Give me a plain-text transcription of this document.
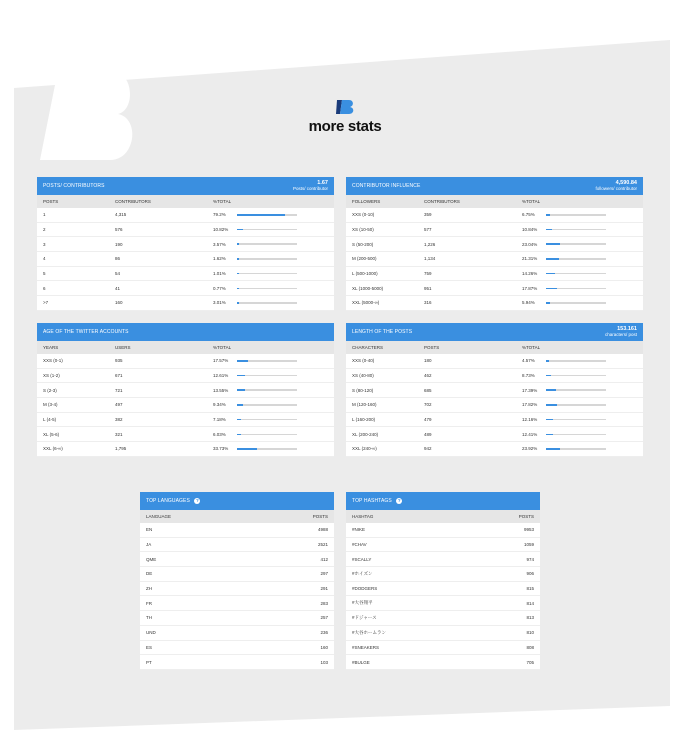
more stats
POSTS/ CONTRIBUTORS	1.67
Posts/ contributor
POSTS	CONTRIBUTORS	%TOTAL
1	4,315	79.2%
2	576	10.82%
3	190	3.57%
4	86	1.62%
5	54	1.01%
6	41	0.77%
>7	160	3.01%
CONTRIBUTOR INFLUENCE	4,590.84
followers/ contributor
FOLLOWERS	CONTRIBUTORS	%TOTAL
XXS (0-10)	359	6.75%
XS (10-50)	577	10.84%
S (50-200)	1,226	23.04%
M (200-500)	1,134	21.31%
L (500-1000)	759	14.26%
XL (1000-5000)	951	17.87%
XXL (5000-∞)	316	5.94%
AGE OF THE TWITTER ACCOUNTS
YEARS	USERS	%TOTAL
XXS (0-1)	935	17.57%
XS (1-2)	671	12.61%
S (2-3)	721	13.55%
M (3-4)	497	9.34%
L (4-5)	382	7.18%
XL (5-6)	321	6.03%
XXL (6-∞)	1,795	33.73%
LENGTH OF THE POSTS	153.161
characters/ post
CHARACTERS	POSTS	%TOTAL
XXS (0-40)	180	4.57%
XS (40-80)	462	8.73%
S (80-120)	685	17.39%
M (120-160)	702	17.82%
L (160-200)	479	12.16%
XL (200-240)	489	12.41%
XXL (240-∞)	942	23.92%
TOP LANGUAGES ?
LANGUAGE	POSTS
EN	4988
JA	2521
QME	412
DE	297
ZH	291
FR	283
TH	257
UND	236
ES	160
PT	103
TOP HASHTAGS ?
HASHTAG	POSTS
#NIKE	9953
#CHAV	1059
#SCALLY	974
#ホイズン	906
#DODGERS	815
#大谷翔平	814
#ドジャース	813
#大谷ホームラン	810
#SNEAKERS	808
#BULGE	705
